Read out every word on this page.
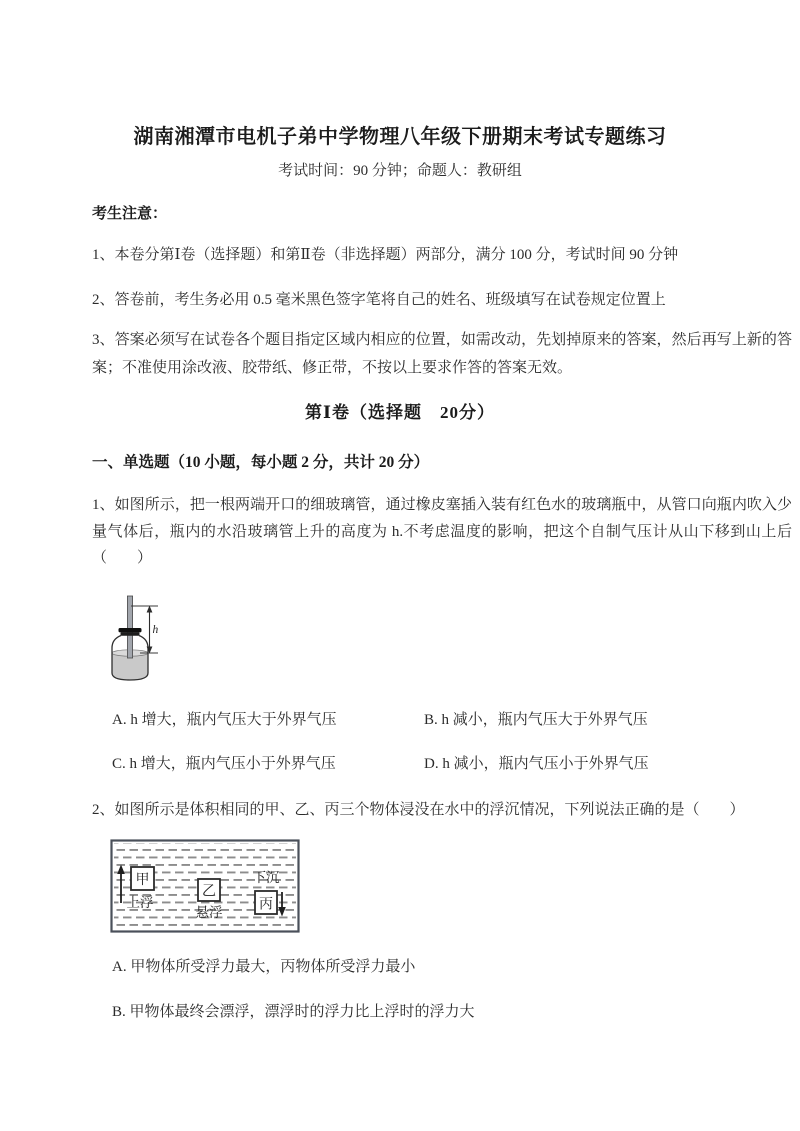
湖南湘潭市电机子弟中学物理八年级下册期末考试专题练习
考试时间：90 分钟；命题人：教研组
考生注意：
1、本卷分第Ⅰ卷（选择题）和第Ⅱ卷（非选择题）两部分，满分 100 分，考试时间 90 分钟
2、答卷前，考生务必用 0.5 毫米黑色签字笔将自己的姓名、班级填写在试卷规定位置上
3、答案必须写在试卷各个题目指定区域内相应的位置，如需改动，先划掉原来的答案，然后再写上新的答案；不准使用涂改液、胶带纸、修正带，不按以上要求作答的答案无效。
第Ⅰ卷（选择题　20分）
一、单选题（10 小题，每小题 2 分，共计 20 分）
1、如图所示，把一根两端开口的细玻璃管，通过橡皮塞插入装有红色水的玻璃瓶中，从管口向瓶内吹入少量气体后，瓶内的水沿玻璃管上升的高度为 h.不考虑温度的影响，把这个自制气压计从山下移到山上后（　　）
h
A. h 增大，瓶内气压大于外界气压	B. h 减小，瓶内气压大于外界气压
C. h 增大，瓶内气压小于外界气压	D. h 减小，瓶内气压小于外界气压
2、如图所示是体积相同的甲、乙、丙三个物体浸没在水中的浮沉情况，下列说法正确的是（　　）
甲
上浮
乙
悬浮
下沉
丙
A. 甲物体所受浮力最大，丙物体所受浮力最小
B. 甲物体最终会漂浮，漂浮时的浮力比上浮时的浮力大
